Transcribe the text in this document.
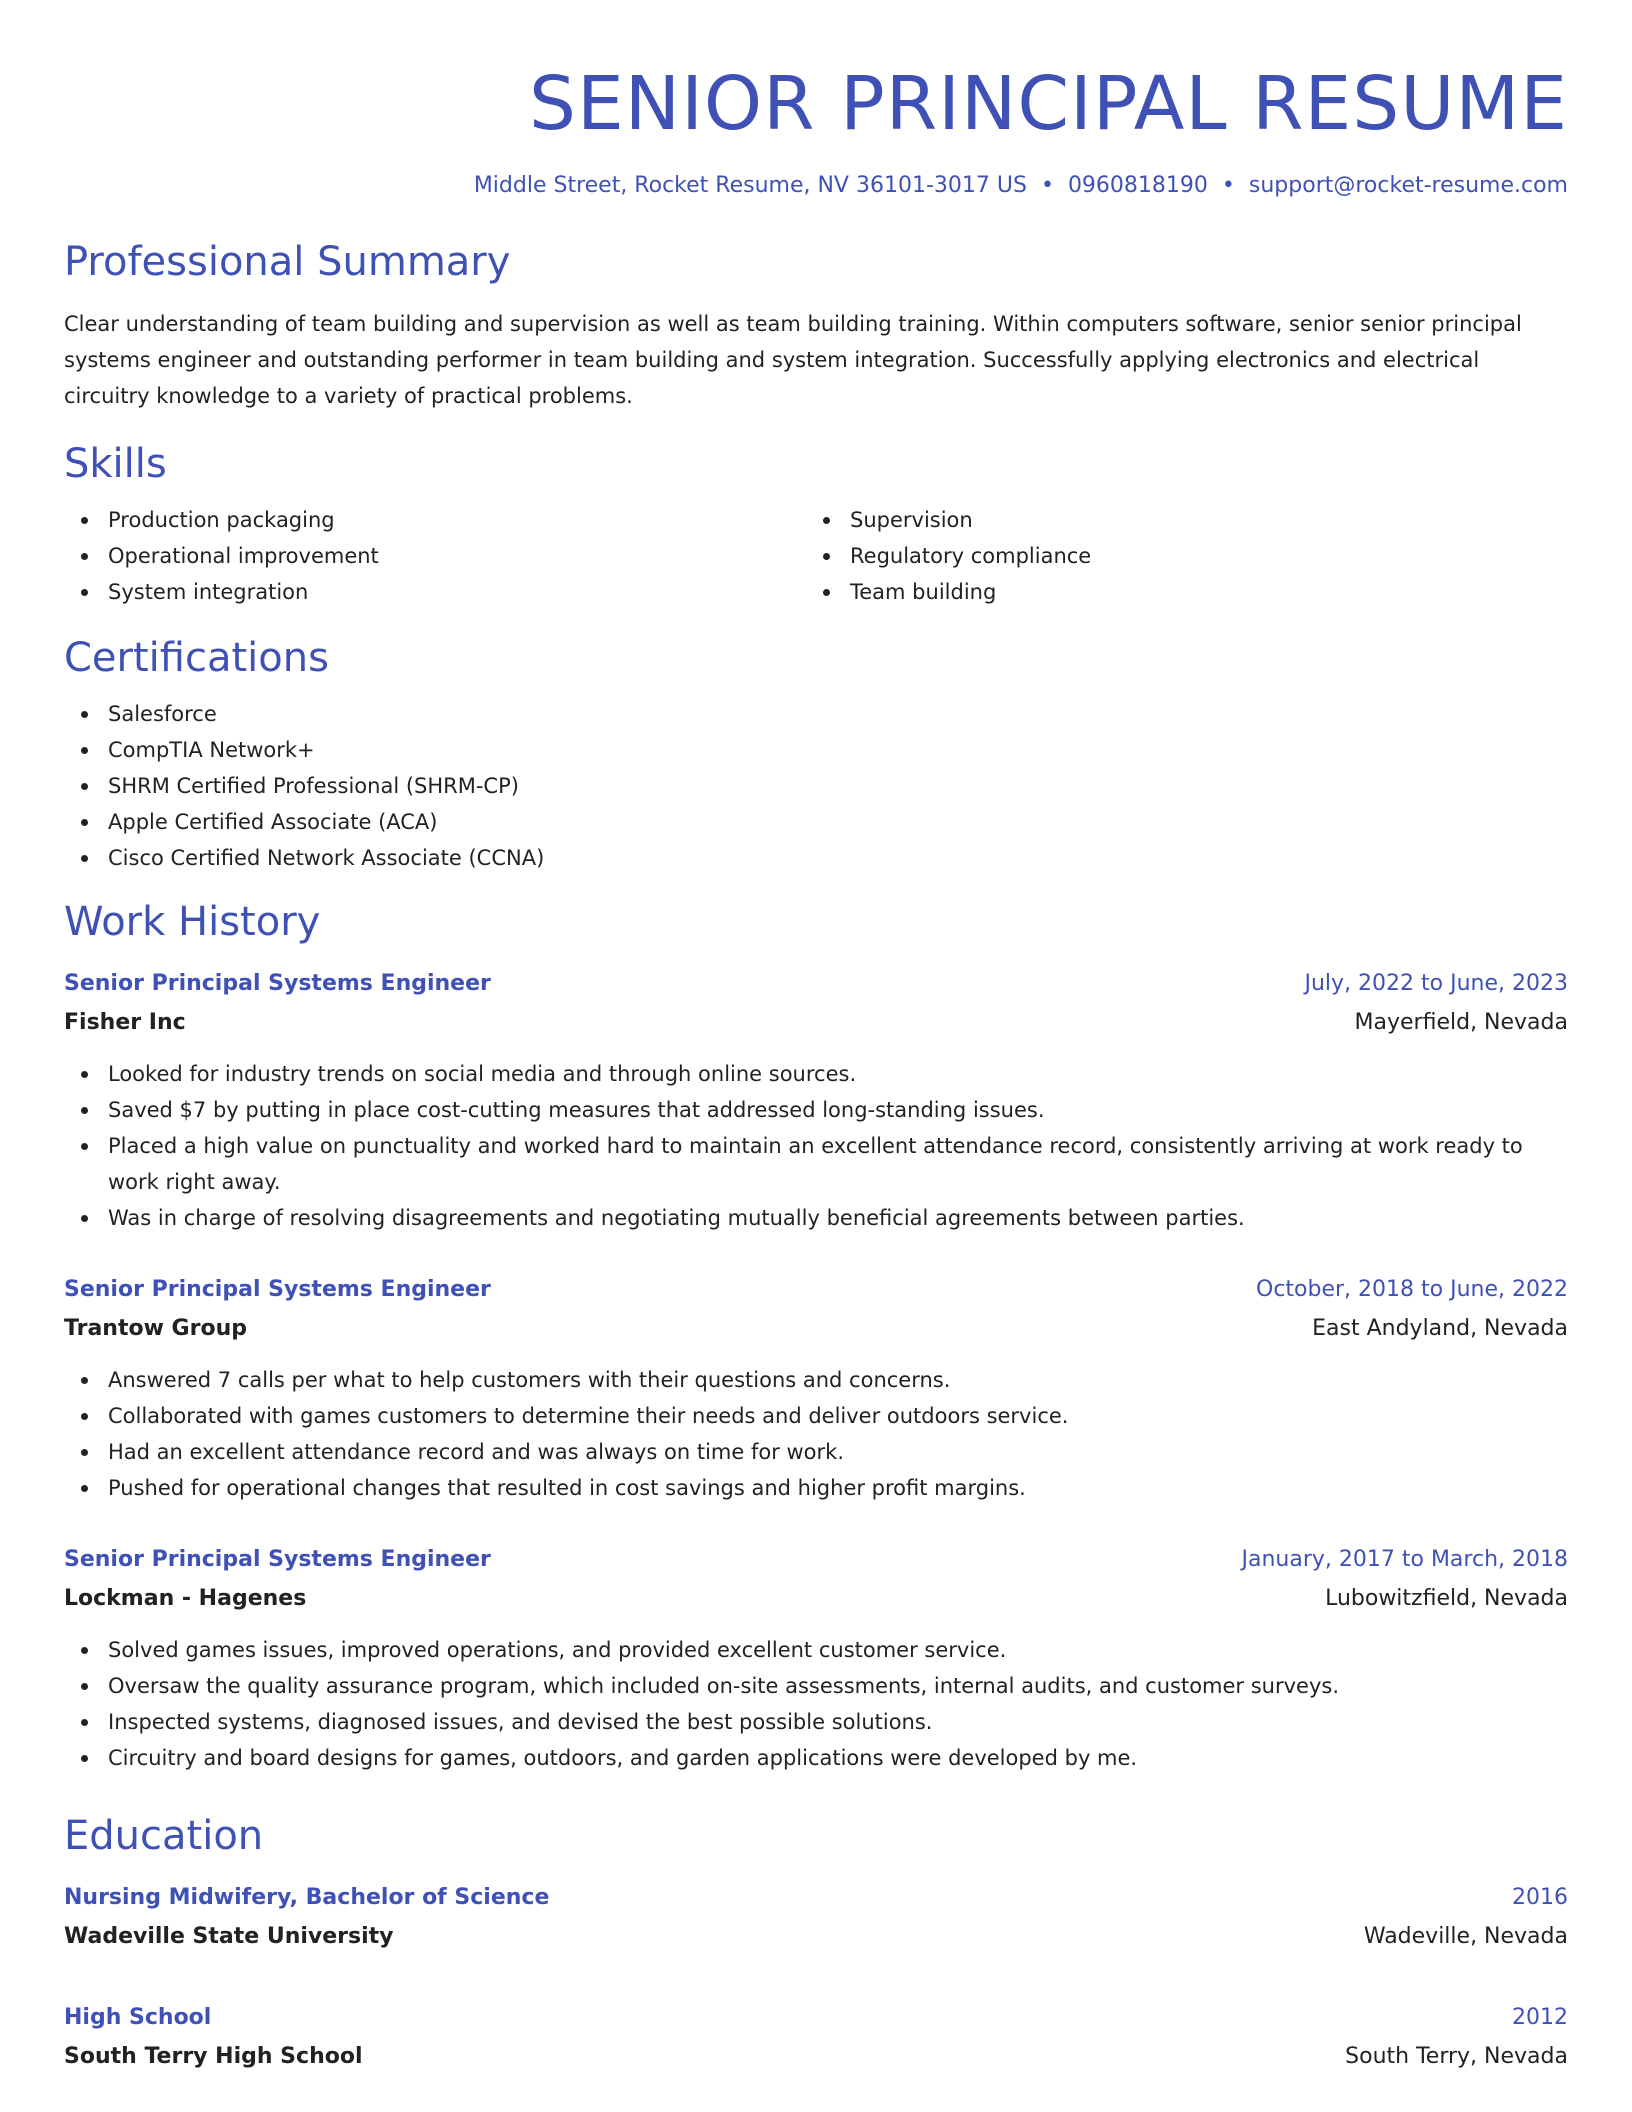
SENIOR PRINCIPAL RESUME
Middle Street, Rocket Resume, NV 36101-3017 US • 0960818190 • support@rocket-resume.com
Professional Summary

Clear understanding of team building and supervision as well as team building training. Within computers software, senior senior principal systems engineer and outstanding performer in team building and system integration. Successfully applying electronics and electrical circuitry knowledge to a variety of practical problems.

Skills
Production packaging
Operational improvement
System integration
Supervision
Regulatory compliance
Team building
Certifications
Salesforce
CompTIA Network+
SHRM Certified Professional (SHRM-CP)
Apple Certified Associate (ACA)
Cisco Certified Network Associate (CCNA)
Work History
Senior Principal Systems Engineer	July, 2022 to June, 2023
Fisher Inc	Mayerfield, Nevada
Looked for industry trends on social media and through online sources.
Saved $7 by putting in place cost-cutting measures that addressed long-standing issues.
Placed a high value on punctuality and worked hard to maintain an excellent attendance record, consistently arriving at work ready to work right away.
Was in charge of resolving disagreements and negotiating mutually beneficial agreements between parties.
Senior Principal Systems Engineer	October, 2018 to June, 2022
Trantow Group	East Andyland, Nevada
Answered 7 calls per what to help customers with their questions and concerns.
Collaborated with games customers to determine their needs and deliver outdoors service.
Had an excellent attendance record and was always on time for work.
Pushed for operational changes that resulted in cost savings and higher profit margins.
Senior Principal Systems Engineer	January, 2017 to March, 2018
Lockman - Hagenes	Lubowitzfield, Nevada
Solved games issues, improved operations, and provided excellent customer service.
Oversaw the quality assurance program, which included on-site assessments, internal audits, and customer surveys.
Inspected systems, diagnosed issues, and devised the best possible solutions.
Circuitry and board designs for games, outdoors, and garden applications were developed by me.
Education
Nursing Midwifery, Bachelor of Science	2016
Wadeville State University	Wadeville, Nevada
High School	2012
South Terry High School	South Terry, Nevada
